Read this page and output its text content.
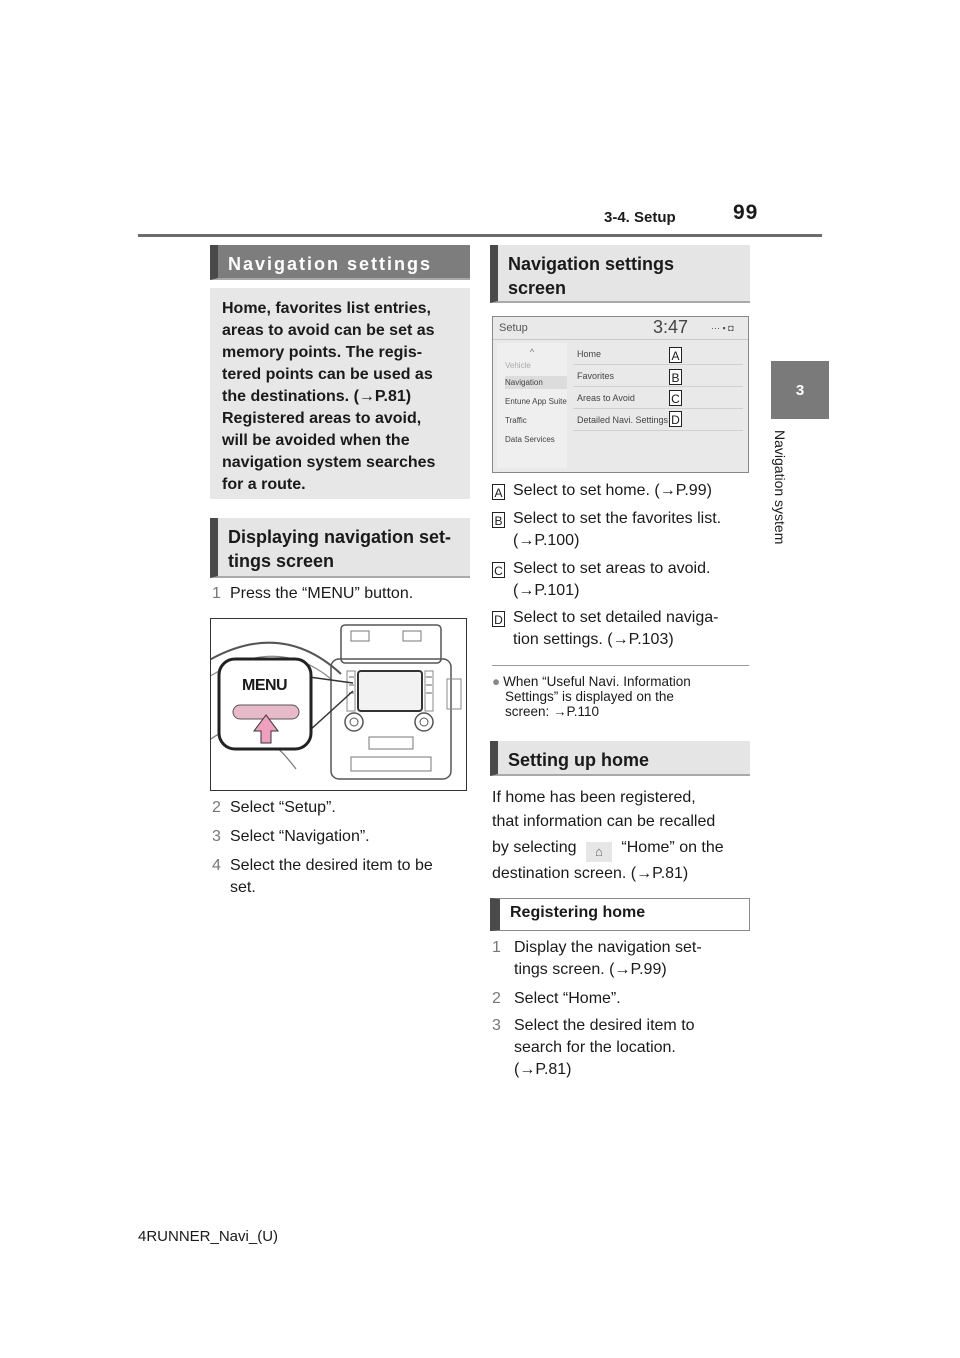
3-4. Setup	99
3
Navigation system
Navigation settings
Home, favorites list entries,
areas to avoid can be set as
memory points. The regis-
tered points can be used as
the destinations. (→P.81)
Registered areas to avoid,
will be avoided when the
navigation system searches
for a route.
Displaying navigation set-
tings screen
1 Press the “MENU” button.
MENU
2 Select “Setup”.
3 Select “Navigation”.
4 Select the desired item to be
set.
Navigation settings
screen
Setup	3:47	⋯ ▪ ◘
^
Vehicle
Navigation
Entune App Suite
Traffic
Data Services
Home
Favorites
Areas to Avoid
Detailed Navi. Settings
A
B
C
D
A Select to set home. (→P.99)
B Select to set the favorites list.
(→P.100)
C Select to set areas to avoid.
(→P.101)
D Select to set detailed naviga-
tion settings. (→P.103)
● When “Useful Navi. Information
Settings” is displayed on the
screen: →P.110
Setting up home
If home has been registered,
that information can be recalled
by selecting ⌂ “Home” on the
destination screen. (→P.81)
Registering home
1 Display the navigation set-
tings screen. (→P.99)
2 Select “Home”.
3 Select the desired item to
search for the location.
(→P.81)
4RUNNER_Navi_(U)
